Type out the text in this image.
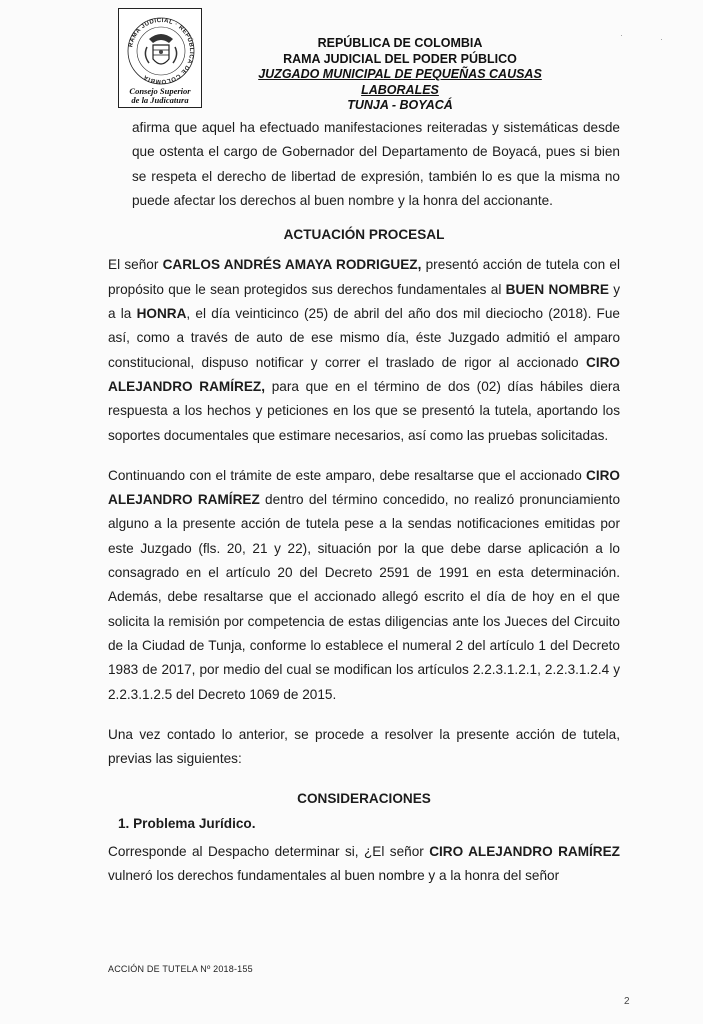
RAMA JUDICIAL · REPÚBLICA DE COLOMBIA
Consejo Superior
de la Judicatura
REPÚBLICA DE COLOMBIA
RAMA JUDICIAL DEL PODER PÚBLICO
JUZGADO MUNICIPAL DE PEQUEÑAS CAUSAS LABORALES
TUNJA - BOYACÁ
·	·

afirma que aquel ha efectuado manifestaciones reiteradas y sistemáticas desde que ostenta el cargo de Gobernador del Departamento de Boyacá, pues si bien se respeta el derecho de libertad de expresión, también lo es que la misma no puede afectar los derechos al buen nombre y la honra del accionante.

ACTUACIÓN PROCESAL

El señor CARLOS ANDRÉS AMAYA RODRIGUEZ, presentó acción de tutela con el propósito que le sean protegidos sus derechos fundamentales al BUEN NOMBRE y a la HONRA, el día veinticinco (25) de abril del año dos mil dieciocho (2018). Fue así, como a través de auto de ese mismo día, éste Juzgado admitió el amparo constitucional, dispuso notificar y correr el traslado de rigor al accionado CIRO ALEJANDRO RAMÍREZ, para que en el término de dos (02) días hábiles diera respuesta a los hechos y peticiones en los que se presentó la tutela, aportando los soportes documentales que estimare necesarios, así como las pruebas solicitadas.

Continuando con el trámite de este amparo, debe resaltarse que el accionado CIRO ALEJANDRO RAMÍREZ dentro del término concedido, no realizó pronunciamiento alguno a la presente acción de tutela pese a la sendas notificaciones emitidas por este Juzgado (fls. 20, 21 y 22), situación por la que debe darse aplicación a lo consagrado en el artículo 20 del Decreto 2591 de 1991 en esta determinación. Además, debe resaltarse que el accionado allegó escrito el día de hoy en el que solicita la remisión por competencia de estas diligencias ante los Jueces del Circuito de la Ciudad de Tunja, conforme lo establece el numeral 2 del artículo 1 del Decreto 1983 de 2017, por medio del cual se modifican los artículos 2.2.3.1.2.1, 2.2.3.1.2.4 y 2.2.3.1.2.5 del Decreto 1069 de 2015.

Una vez contado lo anterior, se procede a resolver la presente acción de tutela, previas las siguientes:

CONSIDERACIONES

1. Problema Jurídico.

Corresponde al Despacho determinar si, ¿El señor CIRO ALEJANDRO RAMÍREZ vulneró los derechos fundamentales al buen nombre y a la honra del señor

ACCIÓN DE TUTELA Nº 2018-155
2
